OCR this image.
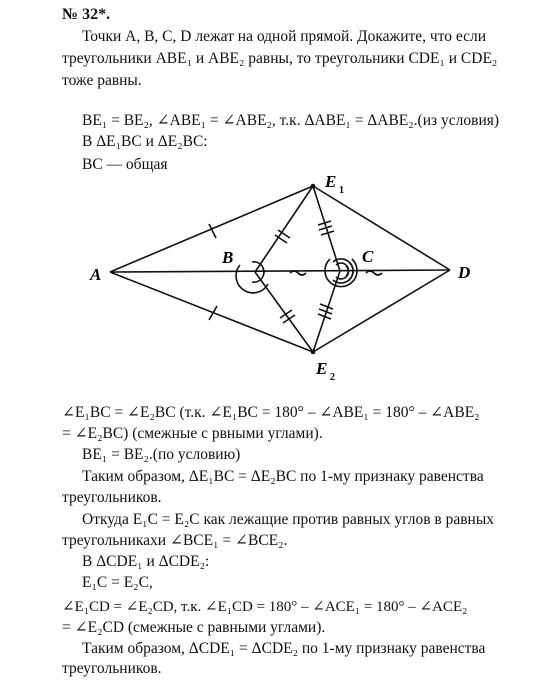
№ 32*.
Точки A, B, C, D лежат на одной прямой. Докажите, что если
треугольники ABE₁ и ABE₂ равны, то треугольники CDE₁ и CDE₂
тоже равны.
BE₁ = BE₂, ∠ABE₁ = ∠ABE₂, т.к. ΔABE₁ = ΔABE₂.(из условия)
В ΔE₁BC и ΔE₂BC:
BC — общая
A
B	C
D
E 1
E 2
∠E₁BC = ∠E₂BC (т.к. ∠E₁BC = 180° – ∠ABE₁ = 180° – ∠ABE₂
= ∠E₂BC) (смежные с рвными углами).
BE₁ = BE₂.(по условию)
Таким образом, ΔE₁BC = ΔE₂BC по 1-му признаку равенства
треугольников.
Откуда E₁C = E₂C как лежащие против равных углов в равных
треугольникахи ∠BCE₁ = ∠BCE₂.
В ΔCDE₁ и ΔCDE₂:
E₁C = E₂C,
∠E₁CD = ∠E₂CD, т.к. ∠E₁CD = 180° – ∠ACE₁ = 180° – ∠ACE₂
= ∠E₂CD (смежные с равными углами).
Таким образом, ΔCDE₁ = ΔCDE₂ по 1-му признаку равенства
треугольников.
